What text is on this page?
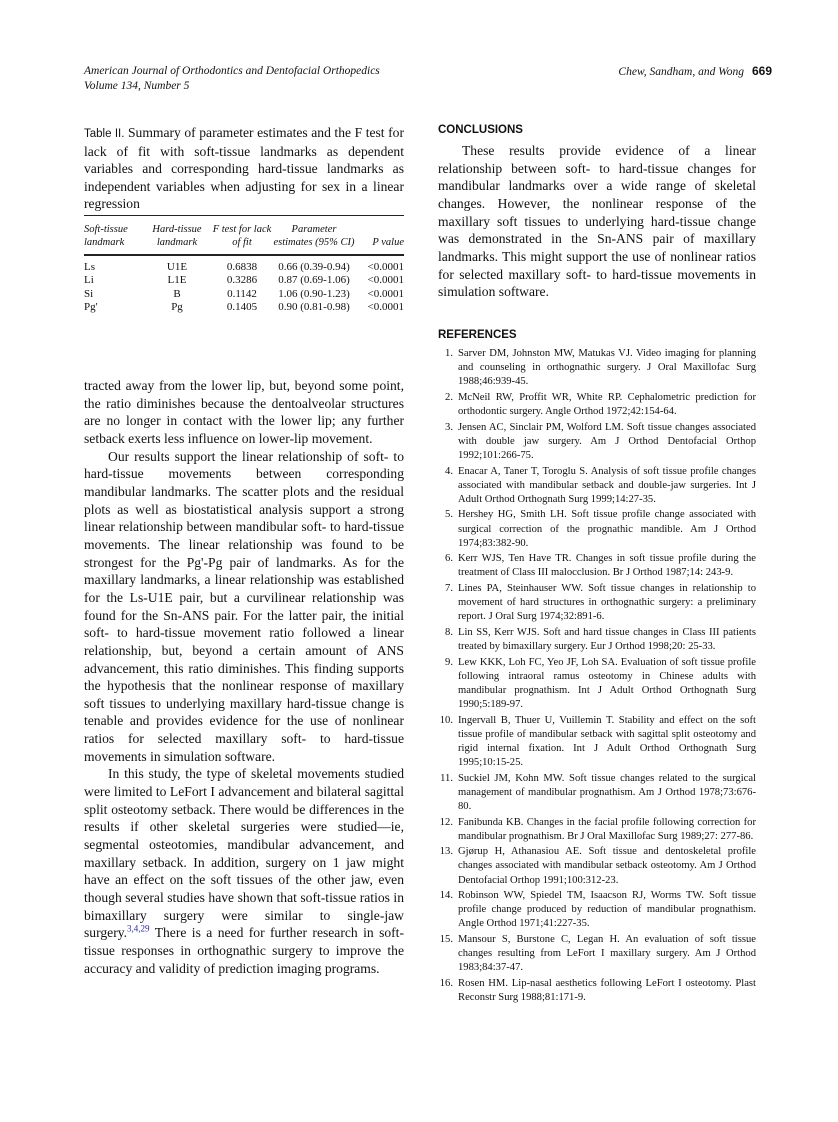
American Journal of Orthodontics and Dentofacial Orthopedics
Volume 134, Number 5
Chew, Sandham, and Wong 669

Table II. Summary of parameter estimates and the F test for lack of fit with soft-tissue landmarks as dependent variables and corresponding hard-tissue landmarks as independent variables when adjusting for sex in a linear regression

Soft-tissue landmark	Hard-tissue landmark	F test for lack of fit	Parameter estimates (95% CI)	P value
Ls	U1E	0.6838	0.66 (0.39-0.94)	<0.0001
Li	L1E	0.3286	0.87 (0.69-1.06)	<0.0001
Si	B	0.1142	1.06 (0.90-1.23)	<0.0001
Pg'	Pg	0.1405	0.90 (0.81-0.98)	<0.0001

tracted away from the lower lip, but, beyond some point, the ratio diminishes because the dentoalveolar structures are no longer in contact with the lower lip; any further setback exerts less influence on lower-lip movement.

Our results support the linear relationship of soft- to hard-tissue movements between corresponding mandibular landmarks. The scatter plots and the residual plots as well as biostatistical analysis support a strong linear relationship between mandibular soft- to hard-tissue movements. The linear relationship was found to be strongest for the Pg'-Pg pair of landmarks. As for the maxillary landmarks, a linear relationship was established for the Ls-U1E pair, but a curvilinear relationship was found for the Sn-ANS pair. For the latter pair, the initial soft- to hard-tissue movement ratio followed a linear relationship, but, beyond a certain amount of ANS advancement, this ratio diminishes. This finding supports the hypothesis that the nonlinear response of maxillary soft tissues to underlying maxillary hard-tissue change is tenable and provides evidence for the use of nonlinear ratios for selected maxillary soft- to hard-tissue movements in simulation software.

In this study, the type of skeletal movements studied were limited to LeFort I advancement and bilateral sagittal split osteotomy setback. There would be differences in the results if other skeletal surgeries were studied—ie, segmental osteotomies, mandibular advancement, and maxillary setback. In addition, surgery on 1 jaw might have an effect on the soft tissues of the other jaw, even though several studies have shown that soft-tissue ratios in bimaxillary surgery were similar to single-jaw surgery.$^{3,4,29}$ There is a need for further research in soft-tissue responses in orthognathic surgery to improve the accuracy and validity of prediction imaging programs.

CONCLUSIONS

These results provide evidence of a linear relationship between soft- to hard-tissue changes for mandibular landmarks over a wide range of skeletal changes. However, the nonlinear response of the maxillary soft tissues to underlying hard-tissue change was demonstrated in the Sn-ANS pair of maxillary landmarks. This might support the use of nonlinear ratios for selected maxillary soft- to hard-tissue movements in simulation software.

REFERENCES
1. Sarver DM, Johnston MW, Matukas VJ. Video imaging for planning and counseling in orthognathic surgery. J Oral Maxillofac Surg 1988;46:939-45.
2. McNeil RW, Proffit WR, White RP. Cephalometric prediction for orthodontic surgery. Angle Orthod 1972;42:154-64.
3. Jensen AC, Sinclair PM, Wolford LM. Soft tissue changes associated with double jaw surgery. Am J Orthod Dentofacial Orthop 1992;101:266-75.
4. Enacar A, Taner T, Toroglu S. Analysis of soft tissue profile changes associated with mandibular setback and double-jaw surgeries. Int J Adult Orthod Orthognath Surg 1999;14:27-35.
5. Hershey HG, Smith LH. Soft tissue profile change associated with surgical correction of the prognathic mandible. Am J Orthod 1974;83:382-90.
6. Kerr WJS, Ten Have TR. Changes in soft tissue profile during the treatment of Class III malocclusion. Br J Orthod 1987;14: 243-9.
7. Lines PA, Steinhauser WW. Soft tissue changes in relationship to movement of hard structures in orthognathic surgery: a preliminary report. J Oral Surg 1974;32:891-6.
8. Lin SS, Kerr WJS. Soft and hard tissue changes in Class III patients treated by bimaxillary surgery. Eur J Orthod 1998;20: 25-33.
9. Lew KKK, Loh FC, Yeo JF, Loh SA. Evaluation of soft tissue profile following intraoral ramus osteotomy in Chinese adults with mandibular prognathism. Int J Adult Orthod Orthognath Surg 1990;5:189-97.
10. Ingervall B, Thuer U, Vuillemin T. Stability and effect on the soft tissue profile of mandibular setback with sagittal split osteotomy and rigid internal fixation. Int J Adult Orthod Orthognath Surg 1995;10:15-25.
11. Suckiel JM, Kohn MW. Soft tissue changes related to the surgical management of mandibular prognathism. Am J Orthod 1978;73:676-80.
12. Fanibunda KB. Changes in the facial profile following correction for mandibular prognathism. Br J Oral Maxillofac Surg 1989;27: 277-86.
13. Gjørup H, Athanasiou AE. Soft tissue and dentoskeletal profile changes associated with mandibular setback osteotomy. Am J Orthod Dentofacial Orthop 1991;100:312-23.
14. Robinson WW, Spiedel TM, Isaacson RJ, Worms TW. Soft tissue profile change produced by reduction of mandibular prognathism. Angle Orthod 1971;41:227-35.
15. Mansour S, Burstone C, Legan H. An evaluation of soft tissue changes resulting from LeFort I maxillary surgery. Am J Orthod 1983;84:37-47.
16. Rosen HM. Lip-nasal aesthetics following LeFort I osteotomy. Plast Reconstr Surg 1988;81:171-9.
